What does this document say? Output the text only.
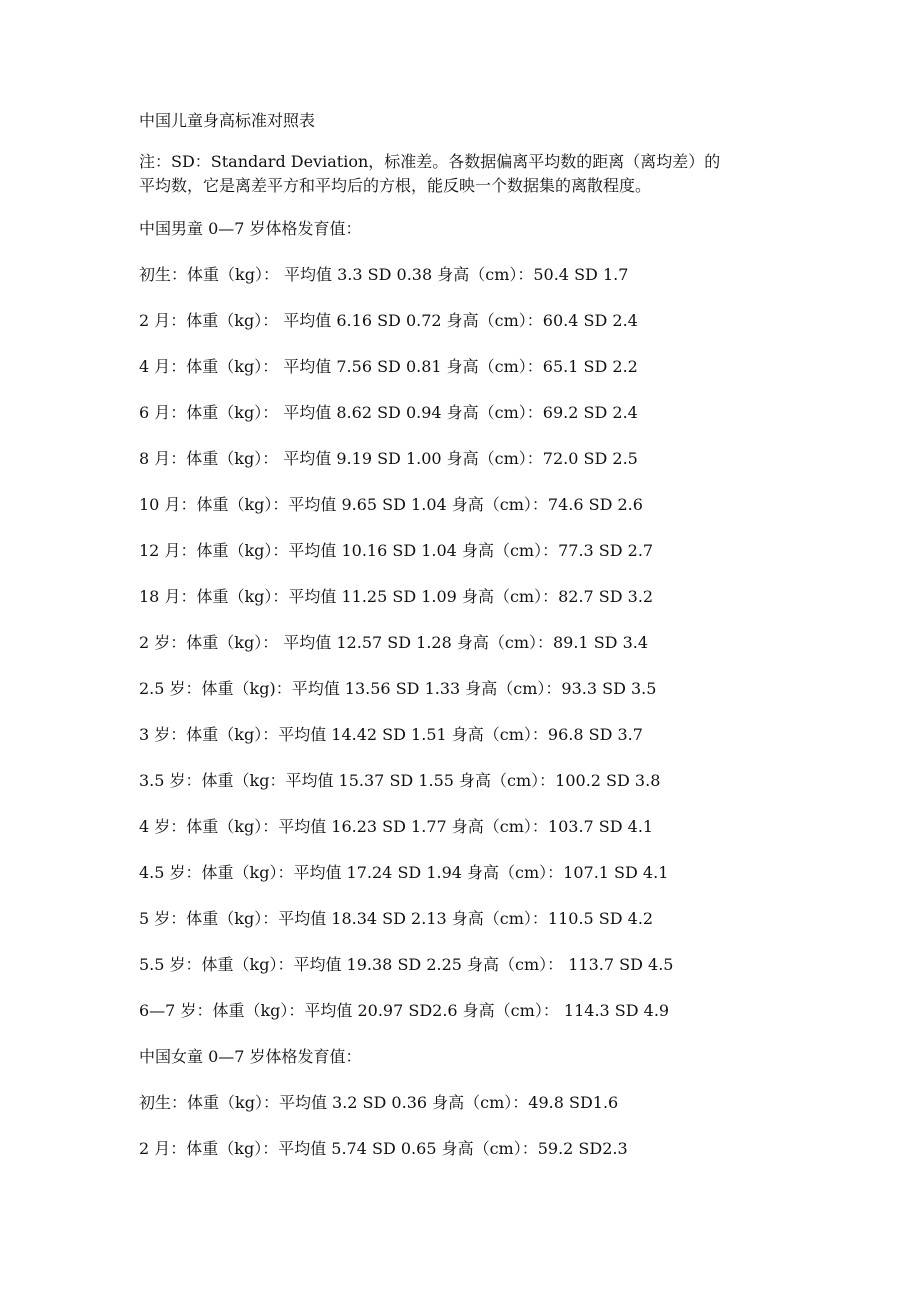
中国儿童身高标准对照表
注：SD：Standard Deviation，标准差。各数据偏离平均数的距离（离均差）的
平均数，它是离差平方和平均后的方根，能反映一个数据集的离散程度。
中国男童 0—7 岁体格发育值：
初生：体重（kg）： 平均值 3.3 SD 0.38 身高（cm）：50.4 SD 1.7
2 月：体重（kg）： 平均值 6.16 SD 0.72 身高（cm）：60.4 SD 2.4
4 月：体重（kg）： 平均值 7.56 SD 0.81 身高（cm）：65.1 SD 2.2
6 月：体重（kg）： 平均值 8.62 SD 0.94 身高（cm）：69.2 SD 2.4
8 月：体重（kg）： 平均值 9.19 SD 1.00 身高（cm）：72.0 SD 2.5
10 月：体重（kg）：平均值 9.65 SD 1.04 身高（cm）：74.6 SD 2.6
12 月：体重（kg）：平均值 10.16 SD 1.04 身高（cm）：77.3 SD 2.7
18 月：体重（kg）：平均值 11.25 SD 1.09 身高（cm）：82.7 SD 3.2
2 岁：体重（kg）： 平均值 12.57 SD 1.28 身高（cm）：89.1 SD 3.4
2.5 岁：体重（kg)：平均值 13.56 SD 1.33 身高（cm）：93.3 SD 3.5
3 岁：体重（kg）：平均值 14.42 SD 1.51 身高（cm）：96.8 SD 3.7
3.5 岁：体重（kg：平均值 15.37 SD 1.55 身高（cm）：100.2 SD 3.8
4 岁：体重（kg）：平均值 16.23 SD 1.77 身高（cm）：103.7 SD 4.1
4.5 岁：体重（kg）：平均值 17.24 SD 1.94 身高（cm）：107.1 SD 4.1
5 岁：体重（kg）：平均值 18.34 SD 2.13 身高（cm）：110.5 SD 4.2
5.5 岁：体重（kg）：平均值 19.38 SD 2.25 身高（cm）： 113.7 SD 4.5
6—7 岁：体重（kg）：平均值 20.97 SD2.6 身高（cm）： 114.3 SD 4.9
中国女童 0—7 岁体格发育值：
初生：体重（kg）：平均值 3.2 SD 0.36 身高（cm）：49.8 SD1.6
2 月：体重（kg）：平均值 5.74 SD 0.65 身高（cm）：59.2 SD2.3
